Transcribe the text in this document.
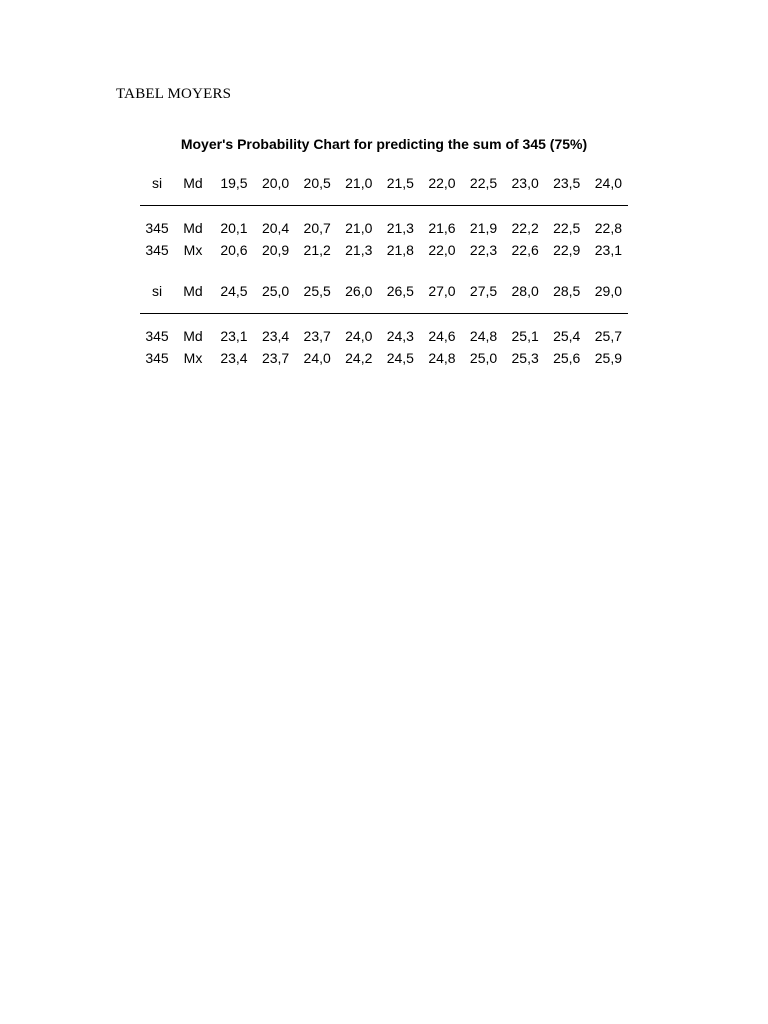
TABEL MOYERS
Moyer's Probability Chart for predicting the sum of 345 (75%)
si	Md	19,5	20,0	20,5	21,0	21,5	22,0	22,5	23,0	23,5	24,0

345	Md	20,1	20,4	20,7	21,0	21,3	21,6	21,9	22,2	22,5	22,8
345	Mx	20,6	20,9	21,2	21,3	21,8	22,0	22,3	22,6	22,9	23,1

si	Md	24,5	25,0	25,5	26,0	26,5	27,0	27,5	28,0	28,5	29,0

345	Md	23,1	23,4	23,7	24,0	24,3	24,6	24,8	25,1	25,4	25,7
345	Mx	23,4	23,7	24,0	24,2	24,5	24,8	25,0	25,3	25,6	25,9
